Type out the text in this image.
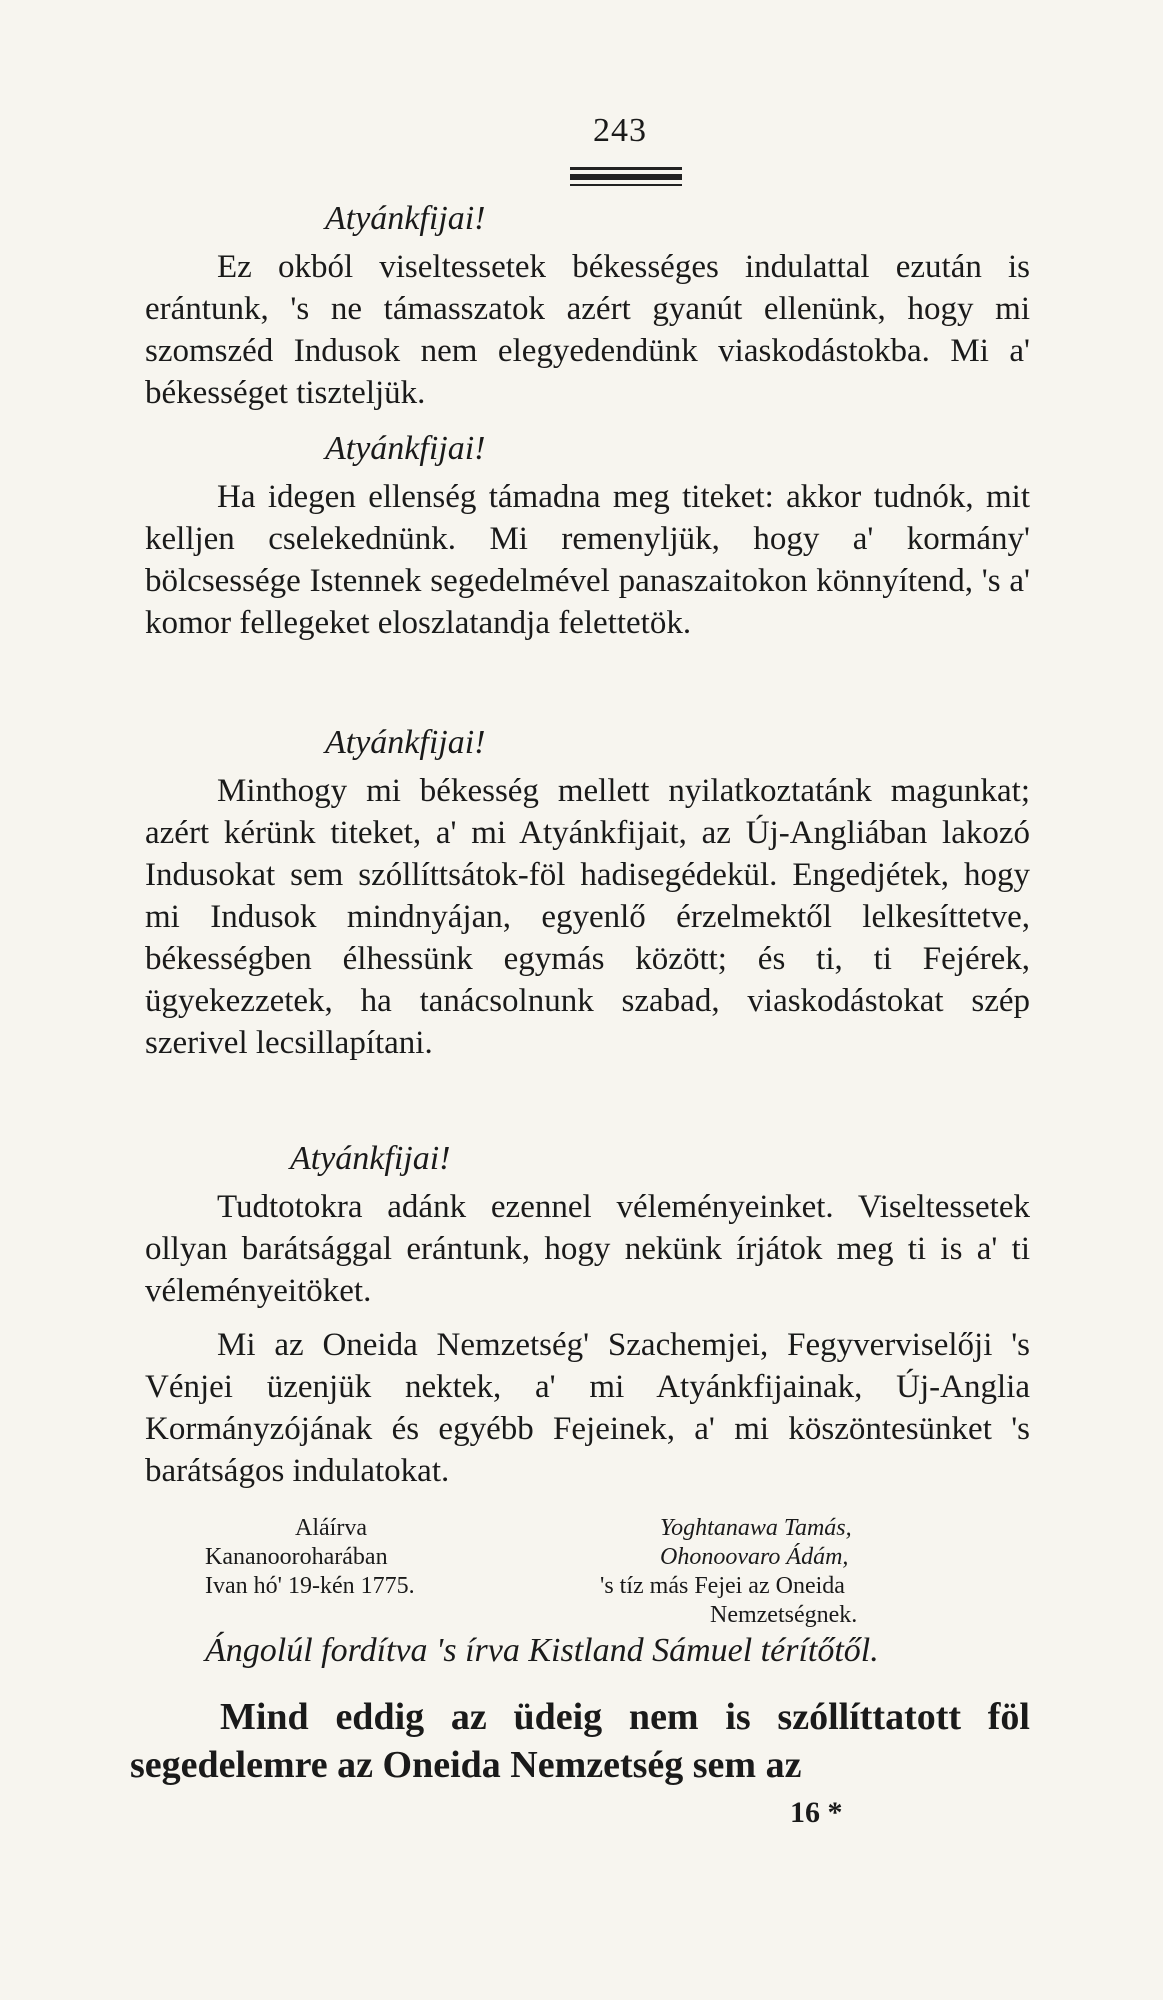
243
Atyánkfijai!
Ez okból viseltessetek békességes indulattal ezután is erántunk, 's ne támasszatok azért gyanút ellenünk, hogy mi szomszéd Indusok nem elegyedendünk viaskodástokba. Mi a' békességet tiszteljük.
Atyánkfijai!
Ha idegen ellenség támadna meg titeket: akkor tudnók, mit kelljen cselekednünk. Mi remenyljük, hogy a' kormány' bölcsessége Istennek segedelmével panaszaitokon könnyítend, 's a' komor fellegeket eloszlatandja felettetök.
Atyánkfijai!
Minthogy mi békesség mellett nyilatkoztatánk magunkat; azért kérünk titeket, a' mi Atyánkfijait, az Új-Angliában lakozó Indusokat sem szóllíttsátok-föl hadisegédekül. Engedjétek, hogy mi Indusok mindnyájan, egyenlő érzelmektől lelkesíttetve, békességben élhessünk egymás között; és ti, ti Fejérek, ügyekezzetek, ha tanácsolnunk szabad, viaskodástokat szép szerivel lecsillapítani.
Atyánkfijai!
Tudtotokra adánk ezennel véleményeinket. Viseltessetek ollyan barátsággal erántunk, hogy nekünk írjátok meg ti is a' ti véleményeitöket.
Mi az Oneida Nemzetség' Szachemjei, Fegyverviselőji 's Vénjei üzenjük nektek, a' mi Atyánkfijainak, Új-Anglia Kormányzójának és egyébb Fejeinek, a' mi köszöntesünket 's barátságos indulatokat.
Aláírva
Kananooroharában
Ivan hó' 19-kén 1775.
Yoghtanawa Tamás,
Ohonoovaro Ádám,
's tíz más Fejei az Oneida
Nemzetségnek.
Ángolúl fordítva 's írva Kistland Sámuel térítőtől.
Mind eddig az üdeig nem is szóllíttatott föl segedelemre az Oneida Nemzetség sem az
16 *
